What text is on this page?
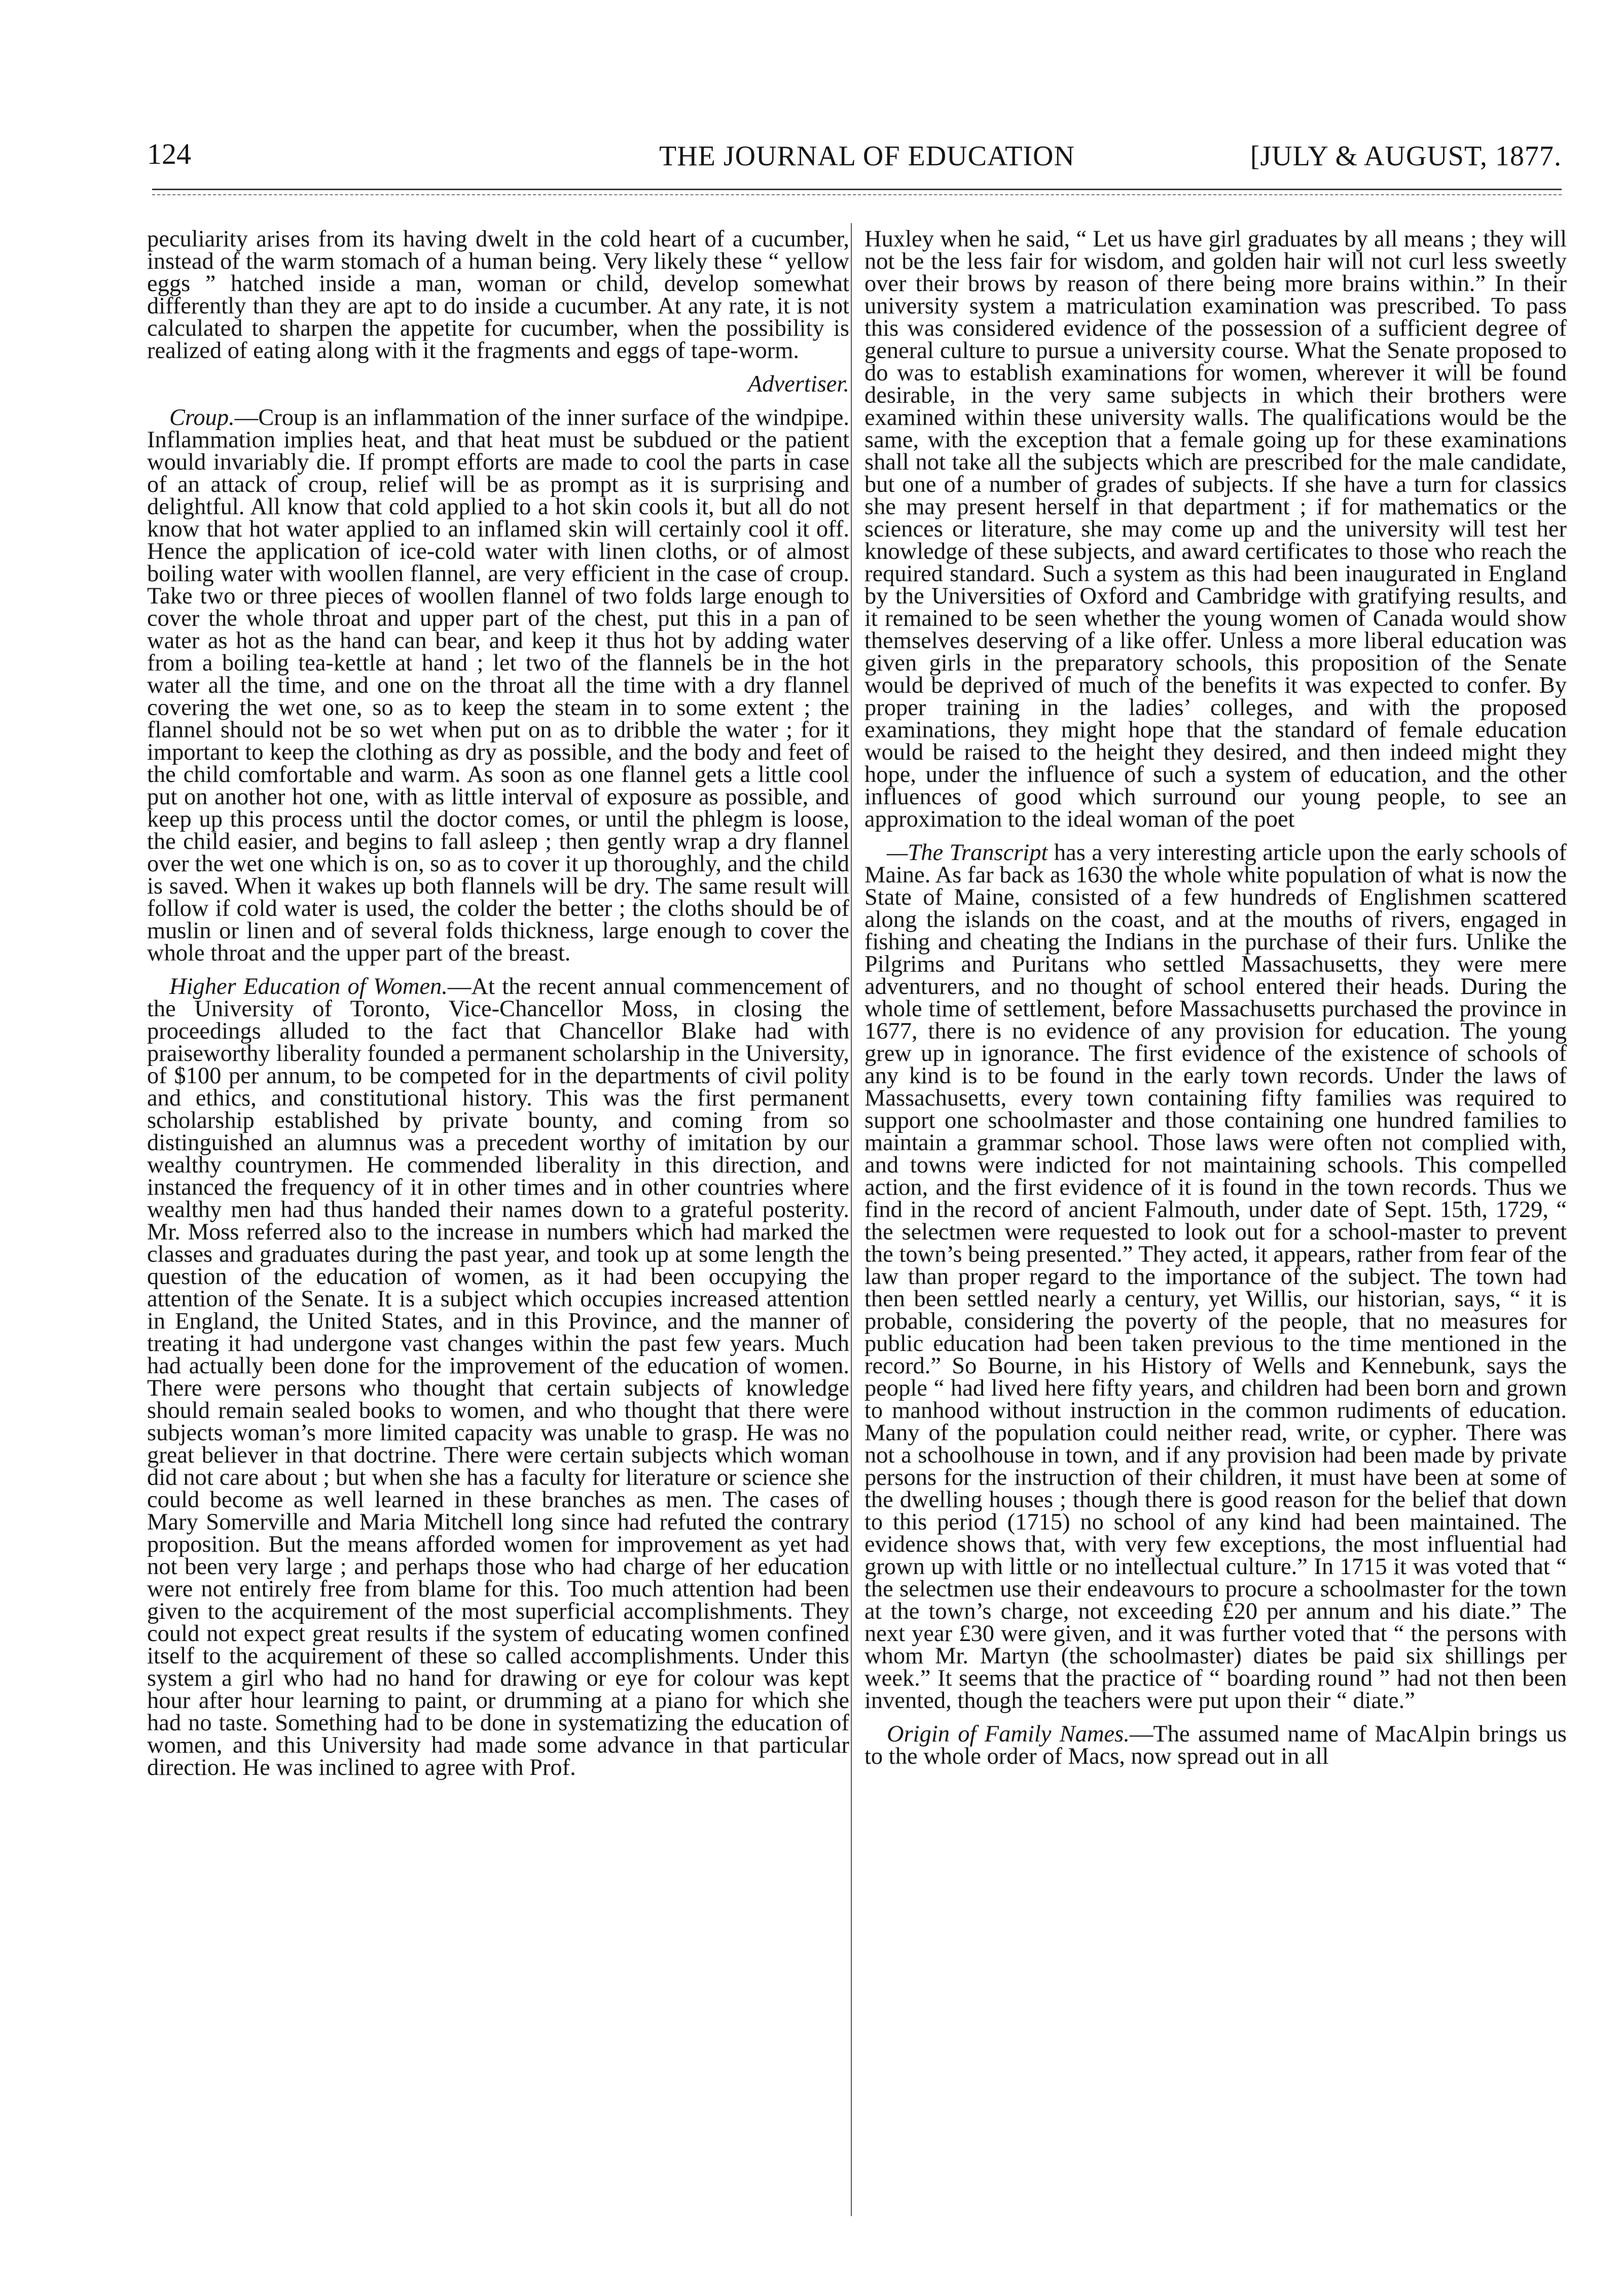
124	THE JOURNAL OF EDUCATION	[JULY & AUGUST, 1877.

peculiarity arises from its having dwelt in the cold heart of a cucumber, instead of the warm stomach of a human being. Very likely these “ yellow eggs ” hatched inside a man, woman or child, develop somewhat differently than they are apt to do inside a cucumber. At any rate, it is not calculated to sharpen the appetite for cucumber, when the possibility is realized of eating along with it the fragments and eggs of tape-worm.

Advertiser.

Croup.—Croup is an inflammation of the inner surface of the windpipe. Inflammation implies heat, and that heat must be subdued or the patient would invariably die. If prompt efforts are made to cool the parts in case of an attack of croup, relief will be as prompt as it is surprising and delightful. All know that cold applied to a hot skin cools it, but all do not know that hot water applied to an inflamed skin will certainly cool it off. Hence the application of ice-cold water with linen cloths, or of almost boiling water with woollen flannel, are very efficient in the case of croup. Take two or three pieces of woollen flannel of two folds large enough to cover the whole throat and upper part of the chest, put this in a pan of water as hot as the hand can bear, and keep it thus hot by adding water from a boiling tea-kettle at hand ; let two of the flannels be in the hot water all the time, and one on the throat all the time with a dry flannel covering the wet one, so as to keep the steam in to some extent ; the flannel should not be so wet when put on as to dribble the water ; for it important to keep the clothing as dry as possible, and the body and feet of the child comfortable and warm. As soon as one flannel gets a little cool put on another hot one, with as little interval of exposure as possible, and keep up this process until the doctor comes, or until the phlegm is loose, the child easier, and begins to fall asleep ; then gently wrap a dry flannel over the wet one which is on, so as to cover it up thoroughly, and the child is saved. When it wakes up both flannels will be dry. The same result will follow if cold water is used, the colder the better ; the cloths should be of muslin or linen and of several folds thickness, large enough to cover the whole throat and the upper part of the breast.

Higher Education of Women.—At the recent annual commencement of the University of Toronto, Vice-Chancellor Moss, in closing the proceedings alluded to the fact that Chancellor Blake had with praiseworthy liberality founded a permanent scholarship in the University, of $100 per annum, to be competed for in the departments of civil polity and ethics, and constitutional history. This was the first permanent scholarship established by private bounty, and coming from so distinguished an alumnus was a precedent worthy of imitation by our wealthy countrymen. He commended liberality in this direction, and instanced the frequency of it in other times and in other countries where wealthy men had thus handed their names down to a grateful posterity. Mr. Moss referred also to the increase in numbers which had marked the classes and graduates during the past year, and took up at some length the question of the education of women, as it had been occupying the attention of the Senate. It is a subject which occupies increased attention in England, the United States, and in this Province, and the manner of treating it had undergone vast changes within the past few years. Much had actually been done for the improvement of the education of women. There were persons who thought that certain subjects of knowledge should remain sealed books to women, and who thought that there were subjects woman’s more limited capacity was unable to grasp. He was no great believer in that doctrine. There were certain subjects which woman did not care about ; but when she has a faculty for literature or science she could become as well learned in these branches as men. The cases of Mary Somerville and Maria Mitchell long since had refuted the contrary proposition. But the means afforded women for improvement as yet had not been very large ; and perhaps those who had charge of her education were not entirely free from blame for this. Too much attention had been given to the acquirement of the most superficial accomplishments. They could not expect great results if the system of educating women confined itself to the acquirement of these so called accomplishments. Under this system a girl who had no hand for drawing or eye for colour was kept hour after hour learning to paint, or drumming at a piano for which she had no taste. Something had to be done in systematizing the education of women, and this University had made some advance in that particular direction. He was inclined to agree with Prof.

Huxley when he said, “ Let us have girl graduates by all means ; they will not be the less fair for wisdom, and golden hair will not curl less sweetly over their brows by reason of there being more brains within.” In their university system a matriculation examination was prescribed. To pass this was considered evidence of the possession of a sufficient degree of general culture to pursue a university course. What the Senate proposed to do was to establish examinations for women, wherever it will be found desirable, in the very same subjects in which their brothers were examined within these university walls. The qualifications would be the same, with the exception that a female going up for these examinations shall not take all the subjects which are prescribed for the male candidate, but one of a number of grades of subjects. If she have a turn for classics she may present herself in that department ; if for mathematics or the sciences or literature, she may come up and the university will test her knowledge of these subjects, and award certificates to those who reach the required standard. Such a system as this had been inaugurated in England by the Universities of Oxford and Cambridge with gratifying results, and it remained to be seen whether the young women of Canada would show themselves deserving of a like offer. Unless a more liberal education was given girls in the preparatory schools, this proposition of the Senate would be deprived of much of the benefits it was expected to confer. By proper training in the ladies’ colleges, and with the proposed examinations, they might hope that the standard of female education would be raised to the height they desired, and then indeed might they hope, under the influence of such a system of education, and the other influences of good which surround our young people, to see an approximation to the ideal woman of the poet

—The Transcript has a very interesting article upon the early schools of Maine. As far back as 1630 the whole white population of what is now the State of Maine, consisted of a few hundreds of Englishmen scattered along the islands on the coast, and at the mouths of rivers, engaged in fishing and cheating the Indians in the purchase of their furs. Unlike the Pilgrims and Puritans who settled Massachusetts, they were mere adventurers, and no thought of school entered their heads. During the whole time of settlement, before Massachusetts purchased the province in 1677, there is no evidence of any provision for education. The young grew up in ignorance. The first evidence of the existence of schools of any kind is to be found in the early town records. Under the laws of Massachusetts, every town containing fifty families was required to support one schoolmaster and those containing one hundred families to maintain a grammar school. Those laws were often not complied with, and towns were indicted for not maintaining schools. This compelled action, and the first evidence of it is found in the town records. Thus we find in the record of ancient Falmouth, under date of Sept. 15th, 1729, “ the selectmen were requested to look out for a school-master to prevent the town’s being presented.” They acted, it appears, rather from fear of the law than proper regard to the importance of the subject. The town had then been settled nearly a century, yet Willis, our historian, says, “ it is probable, considering the poverty of the people, that no measures for public education had been taken previous to the time mentioned in the record.” So Bourne, in his History of Wells and Kennebunk, says the people “ had lived here fifty years, and children had been born and grown to manhood without instruction in the common rudiments of education. Many of the population could neither read, write, or cypher. There was not a schoolhouse in town, and if any provision had been made by private persons for the instruction of their children, it must have been at some of the dwelling houses ; though there is good reason for the belief that down to this period (1715) no school of any kind had been maintained. The evidence shows that, with very few exceptions, the most influential had grown up with little or no intellectual culture.” In 1715 it was voted that “ the selectmen use their endeavours to procure a schoolmaster for the town at the town’s charge, not exceeding £20 per annum and his diate.” The next year £30 were given, and it was further voted that “ the persons with whom Mr. Martyn (the schoolmaster) diates be paid six shillings per week.” It seems that the practice of “ boarding round ” had not then been invented, though the teachers were put upon their “ diate.”

Origin of Family Names.—The assumed name of MacAlpin brings us to the whole order of Macs, now spread out in all
